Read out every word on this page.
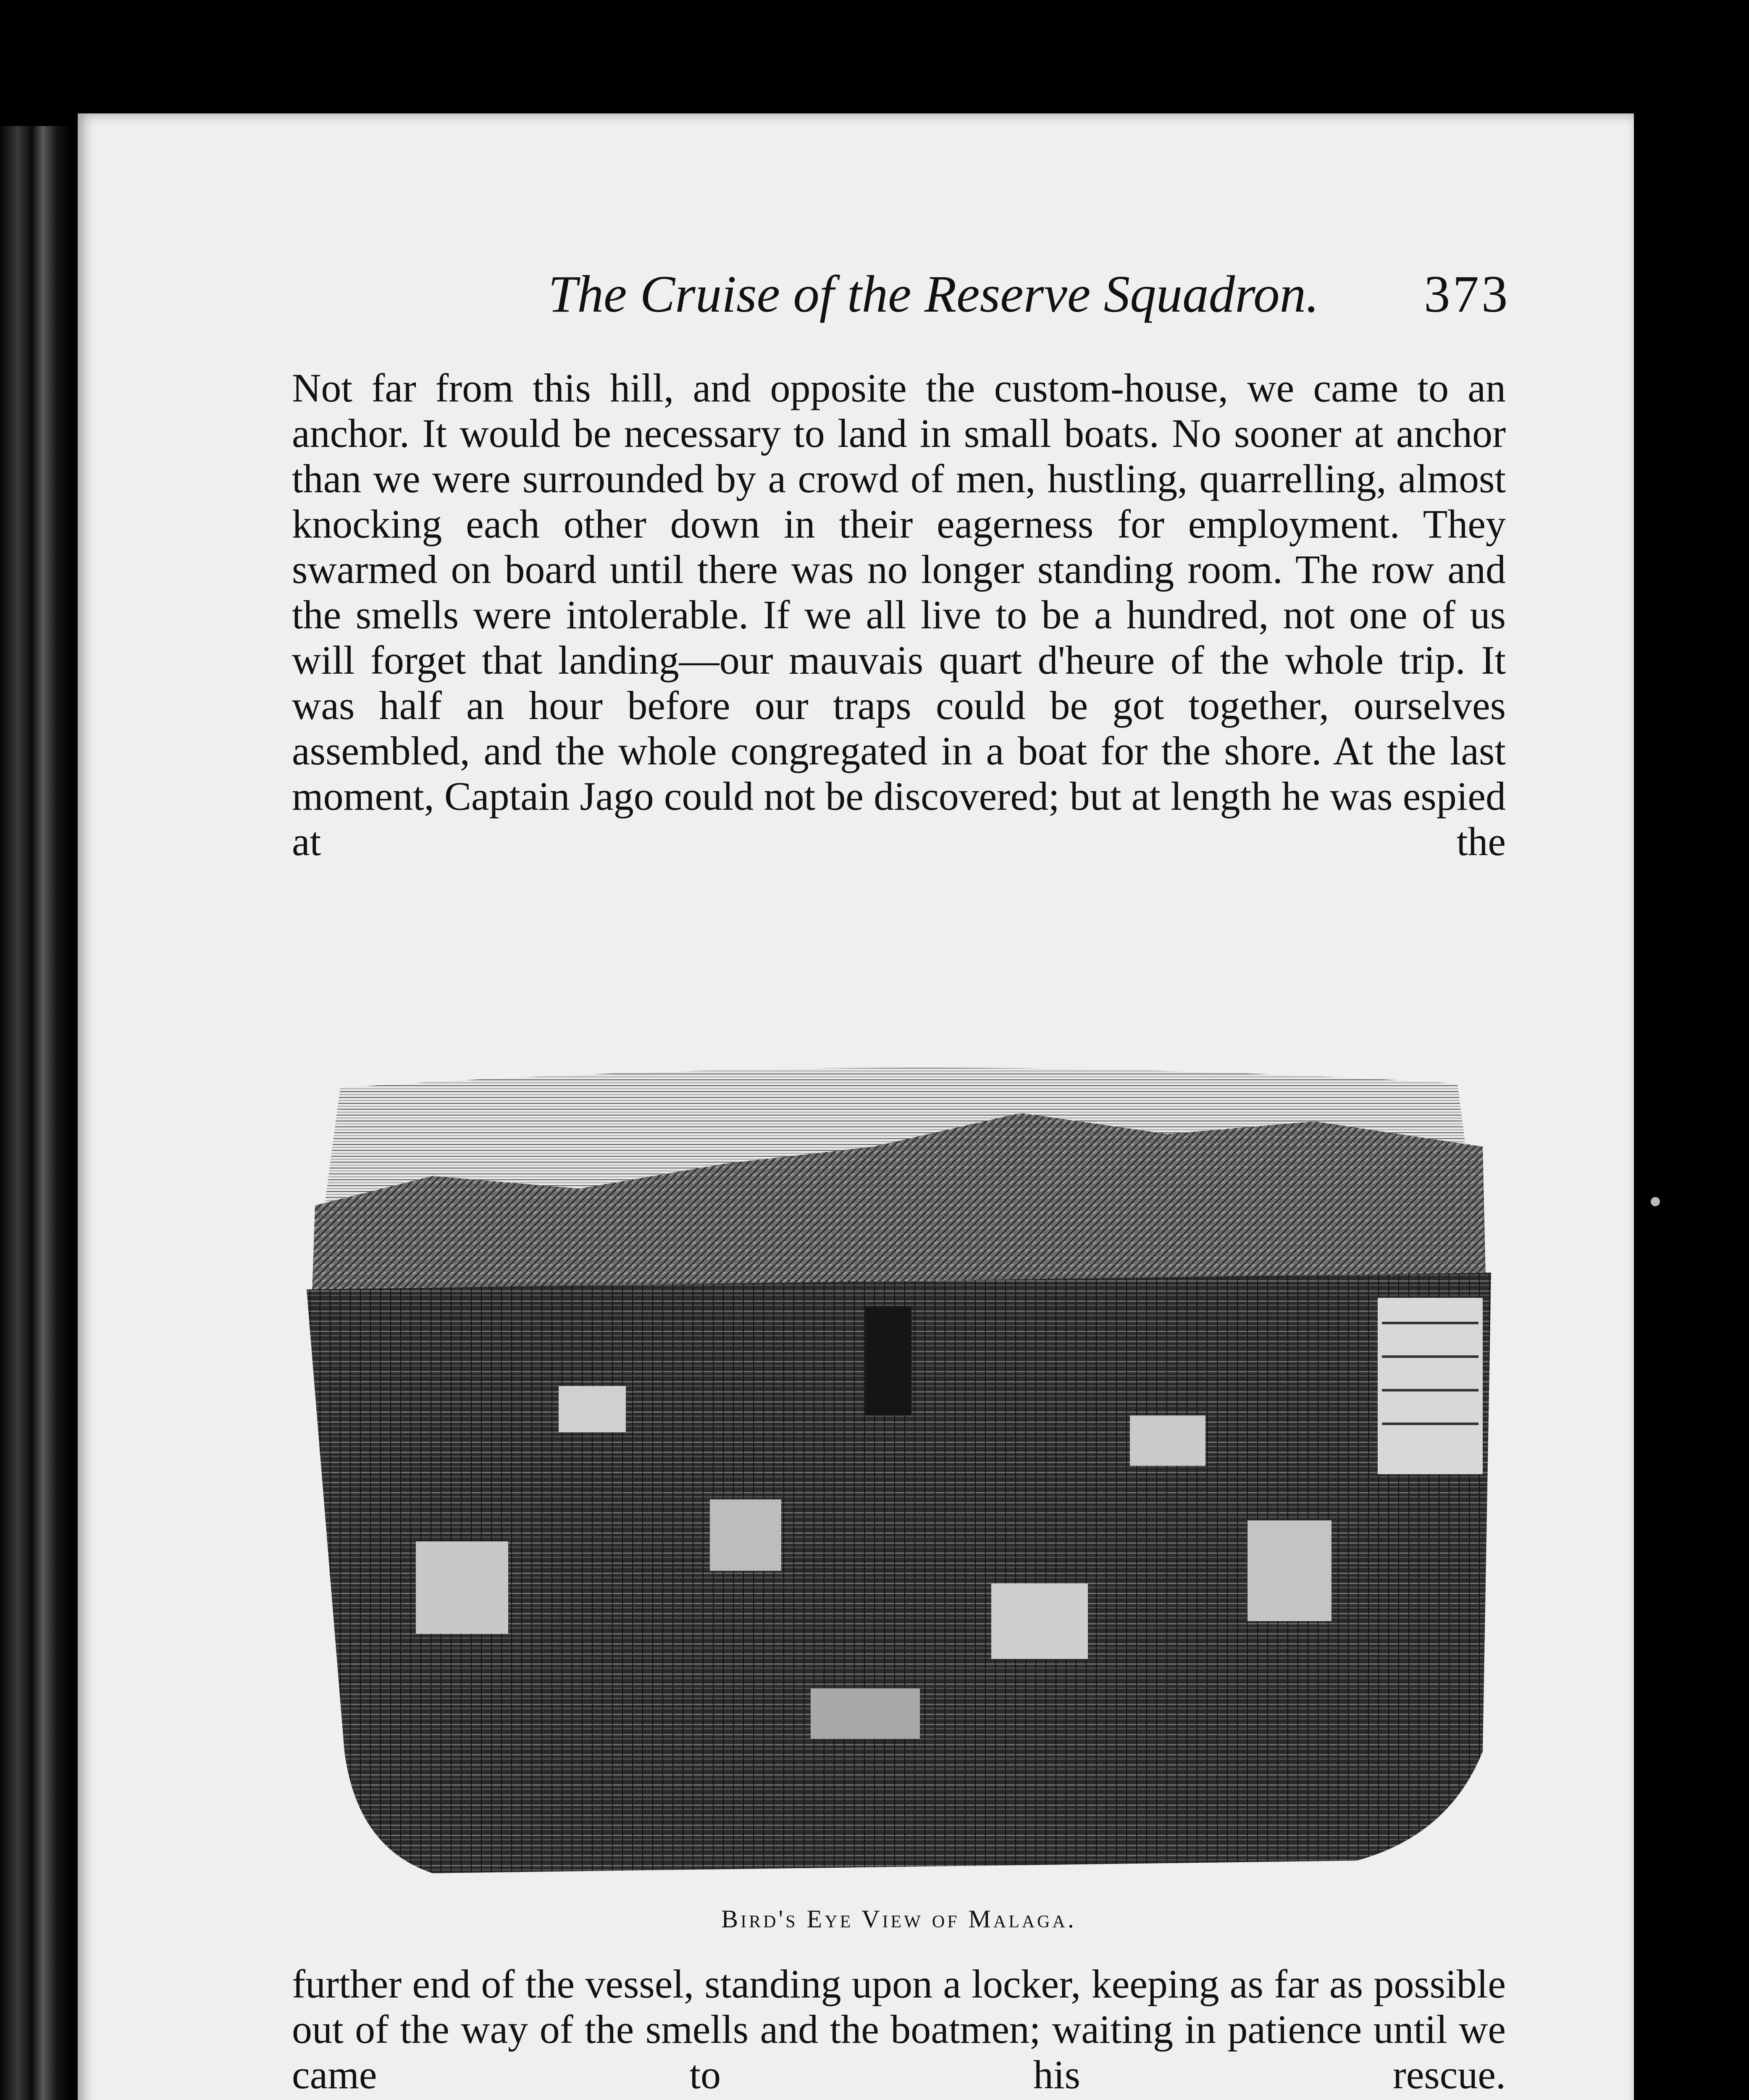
The Cruise of the Reserve Squadron.	373

Not far from this hill, and opposite the custom-house, we came to an anchor. It would be necessary to land in small boats. No sooner at anchor than we were surrounded by a crowd of men, hustling, quarrelling, almost knocking each other down in their eagerness for employment. They swarmed on board until there was no longer standing room. The row and the smells were intolerable. If we all live to be a hundred, not one of us will forget that landing—our mauvais quart d'heure of the whole trip. It was half an hour before our traps could be got together, ourselves assembled, and the whole congregated in a boat for the shore. At the last moment, Captain Jago could not be discovered; but at length he was espied at the

Bird's Eye View of Malaga.

further end of the vessel, standing upon a locker, keeping as far as possible out of the way of the smells and the boatmen; waiting in patience until we came to his rescue.
